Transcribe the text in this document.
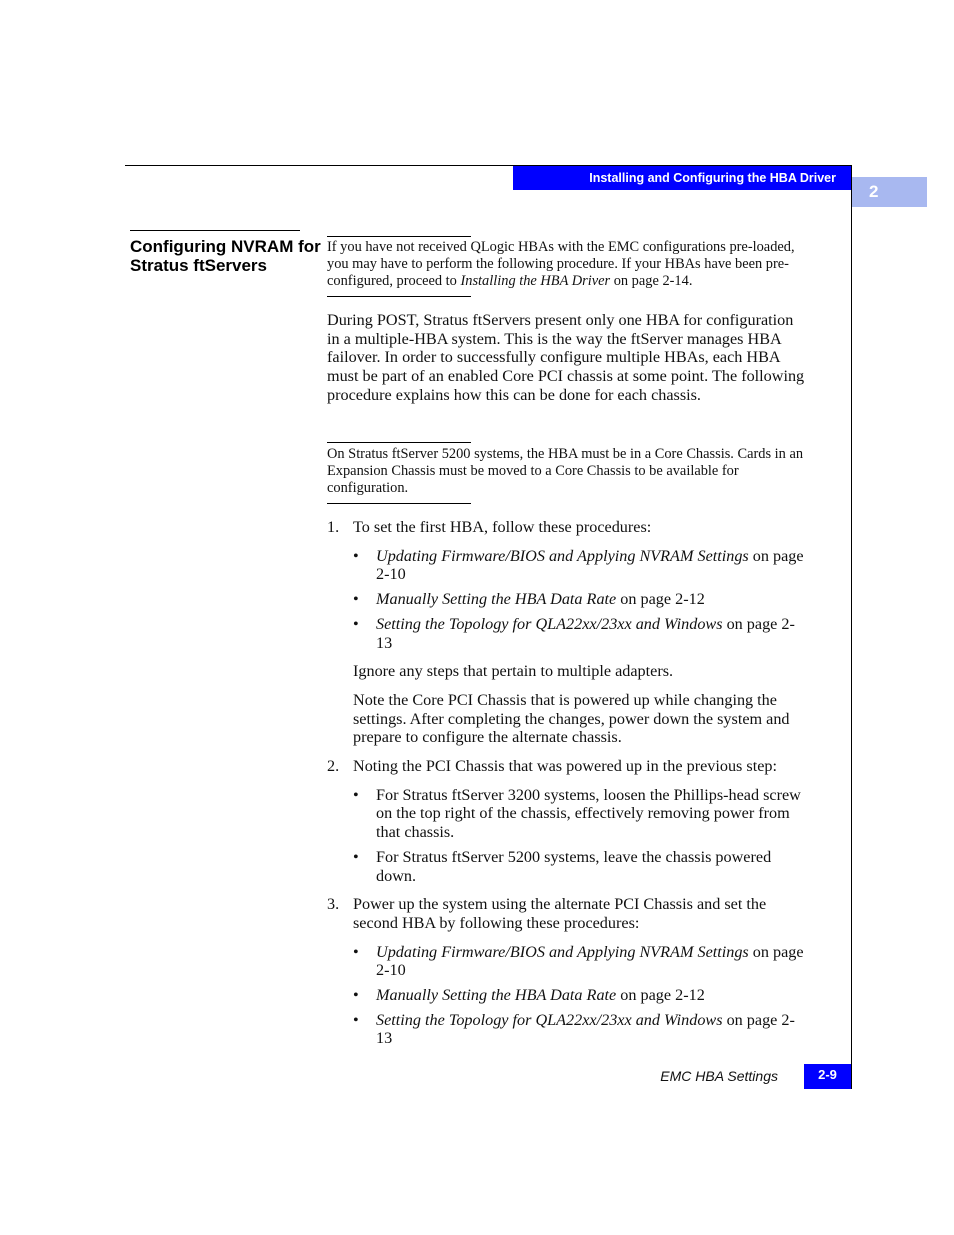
Installing and Configuring the HBA Driver
2
Configuring NVRAM for Stratus ftServers
If you have not received QLogic HBAs with the EMC configurations pre-loaded, you may have to perform the following procedure. If your HBAs have been pre-configured, proceed to Installing the HBA Driver on page 2-14.
During POST, Stratus ftServers present only one HBA for configuration in a multiple-HBA system. This is the way the ftServer manages HBA failover. In order to successfully configure multiple HBAs, each HBA must be part of an enabled Core PCI chassis at some point. The following procedure explains how this can be done for each chassis.
On Stratus ftServer 5200 systems, the HBA must be in a Core Chassis. Cards in an Expansion Chassis must be moved to a Core Chassis to be available for configuration.
1. To set the first HBA, follow these procedures:
• Updating Firmware/BIOS and Applying NVRAM Settings on page 2-10
• Manually Setting the HBA Data Rate on page 2-12
• Setting the Topology for QLA22xx/23xx and Windows on page 2-13
Ignore any steps that pertain to multiple adapters.
Note the Core PCI Chassis that is powered up while changing the settings. After completing the changes, power down the system and prepare to configure the alternate chassis.
2. Noting the PCI Chassis that was powered up in the previous step:
• For Stratus ftServer 3200 systems, loosen the Phillips-head screw on the top right of the chassis, effectively removing power from that chassis.
• For Stratus ftServer 5200 systems, leave the chassis powered down.
3. Power up the system using the alternate PCI Chassis and set the second HBA by following these procedures:
• Updating Firmware/BIOS and Applying NVRAM Settings on page 2-10
• Manually Setting the HBA Data Rate on page 2-12
• Setting the Topology for QLA22xx/23xx and Windows on page 2-13
EMC HBA Settings	2-9
